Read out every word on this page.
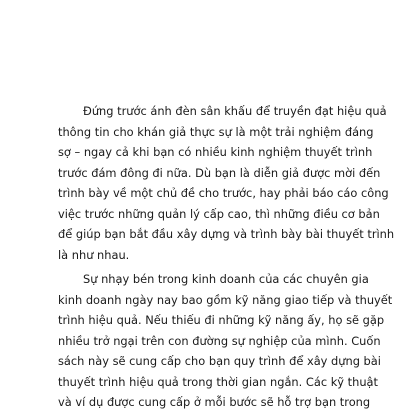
Đứng trước ánh đèn sân khấu để truyền đạt hiệu quả
thông tin cho khán giả thực sự là một trải nghiệm đáng
sợ – ngay cả khi bạn có nhiều kinh nghiệm thuyết trình
trước đám đông đi nữa. Dù bạn là diễn giả được mời đến
trình bày về một chủ đề cho trước, hay phải báo cáo công
việc trước những quản lý cấp cao, thì những điều cơ bản
để giúp bạn bắt đầu xây dựng và trình bày bài thuyết trình
là như nhau.
Sự nhạy bén trong kinh doanh của các chuyên gia
kinh doanh ngày nay bao gồm kỹ năng giao tiếp và thuyết
trình hiệu quả. Nếu thiếu đi những kỹ năng ấy, họ sẽ gặp
nhiều trở ngại trên con đường sự nghiệp của mình. Cuốn
sách này sẽ cung cấp cho bạn quy trình để xây dựng bài
thuyết trình hiệu quả trong thời gian ngắn. Các kỹ thuật
và ví dụ được cung cấp ở mỗi bước sẽ hỗ trợ bạn trong
